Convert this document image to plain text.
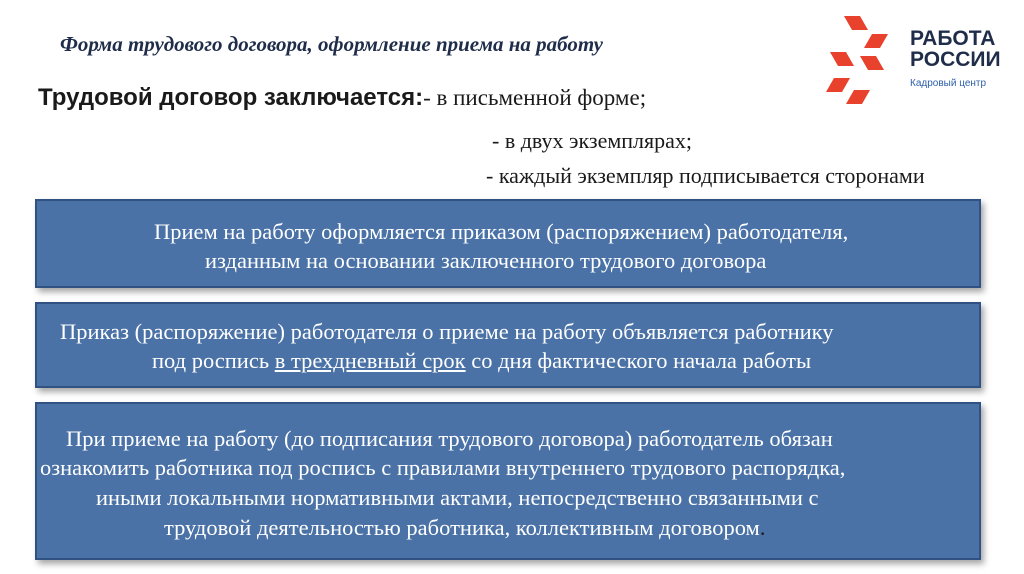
Форма трудового договора, оформление приема на работу	РАБОТА
РОССИИ
Кадровый центр
Трудовой договор заключается:- в письменной форме;
- в двух экземплярах;
- каждый экземпляр подписывается сторонами
Прием на работу оформляется приказом (распоряжением) работодателя,
изданным на основании заключенного трудового договора
Приказ (распоряжение) работодателя о приеме на работу объявляется работнику
под роспись в трехдневный срок со дня фактического начала работы
При приеме на работу (до подписания трудового договора) работодатель обязан
ознакомить работника под роспись с правилами внутреннего трудового распорядка,
иными локальными нормативными актами, непосредственно связанными с
трудовой деятельностью работника, коллективным договором.
